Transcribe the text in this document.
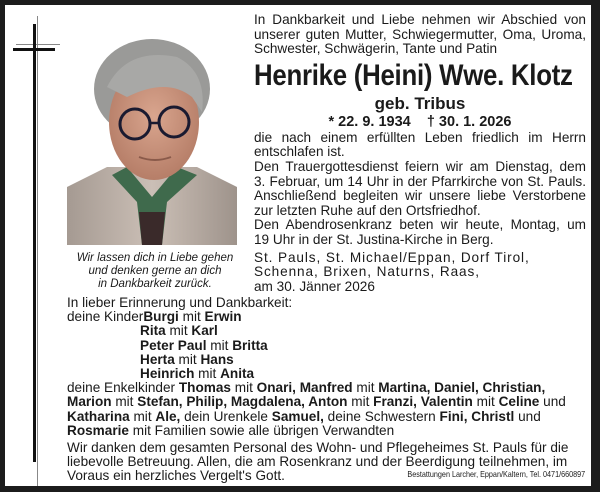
Wir lassen dich in Liebe gehen
und denken gerne an dich
in Dankbarkeit zurück.
In Dankbarkeit und Liebe nehmen wir Abschied von
unserer guten Mutter, Schwiegermutter, Oma, Uroma,
Schwester, Schwägerin, Tante und Patin
Henrike (Heini) Wwe. Klotz
geb. Tribus
* 22. 9. 1934 † 30. 1. 2026
die nach einem erfüllten Leben friedlich im Herrn
entschlafen ist.
Den Trauergottesdienst feiern wir am Dienstag, dem
3. Februar, um 14 Uhr in der Pfarrkirche von St. Pauls.
Anschließend begleiten wir unsere liebe Verstorbene
zur letzten Ruhe auf den Ortsfriedhof.
Den Abendrosenkranz beten wir heute, Montag, um
19 Uhr in der St. Justina-Kirche in Berg.
St. Pauls, St. Michael/Eppan, Dorf Tirol,
Schenna, Brixen, Naturns, Raas,
am 30. Jänner 2026
In lieber Erinnerung und Dankbarkeit:
deine KinderBurgi mit Erwin
Rita mit Karl
Peter Paul mit Britta
Herta mit Hans
Heinrich mit Anita
deine Enkelkinder Thomas mit Onari, Manfred mit Martina, Daniel, Christian,
Marion mit Stefan, Philip, Magdalena, Anton mit Franzi, Valentin mit Celine und
Katharina mit Ale, dein Urenkele Samuel, deine Schwestern Fini, Christl und
Rosmarie mit Familien sowie alle übrigen Verwandten
Wir danken dem gesamten Personal des Wohn- und Pflegeheimes St. Pauls für die
liebevolle Betreuung. Allen, die am Rosenkranz und der Beerdigung teilnehmen, im
Voraus ein herzliches Vergelt's Gott.	Bestattungen Larcher, Eppan/Kaltern, Tel. 0471/660897
